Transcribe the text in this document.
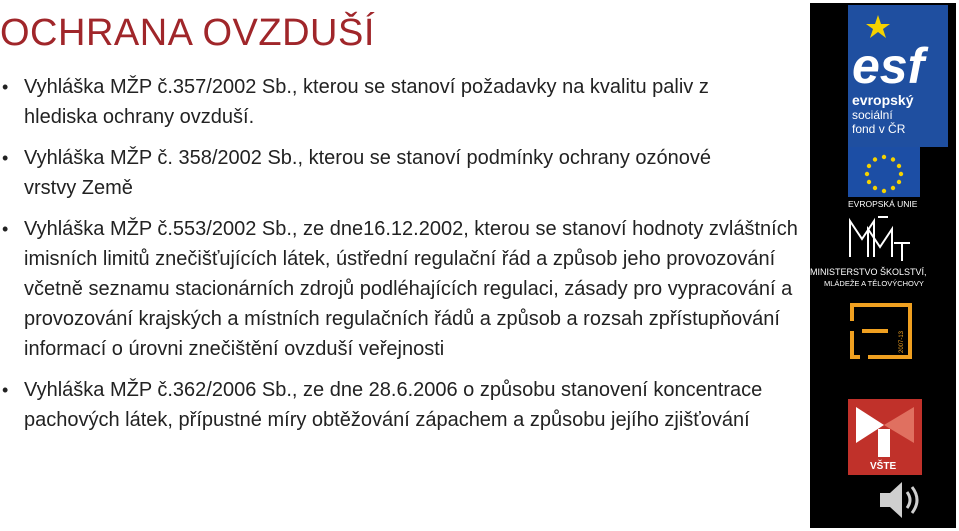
OCHRANA OVZDUŠÍ
• Vyhláška MŽP č.357/2002 Sb., kterou se stanoví požadavky na kvalitu paliv z hlediska ochrany ovzduší.
• Vyhláška MŽP č. 358/2002 Sb., kterou se stanoví podmínky ochrany ozónové vrstvy Země
• Vyhláška MŽP č.553/2002 Sb., ze dne16.12.2002, kterou se stanoví hodnoty zvláštních imisních limitů znečišťujících látek, ústřední regulační řád a způsob jeho provozování včetně seznamu stacionárních zdrojů podléhajících regulaci, zásady pro vypracování a provozování krajských a místních regulačních řádů a způsob a rozsah zpřístupňování informací o úrovni znečištění ovzduší veřejnosti
• Vyhláška MŽP č.362/2006 Sb., ze dne 28.6.2006 o způsobu stanovení koncentrace pachových látek, přípustné míry obtěžování zápachem a způsobu jejího zjišťování
esf
evropský
sociální
fond v ČR
EVROPSKÁ UNIE
MINISTERSTVO ŠKOLSTVÍ,
MLÁDEŽE A TĚLOVÝCHOVY
2007-13
VŠTE
